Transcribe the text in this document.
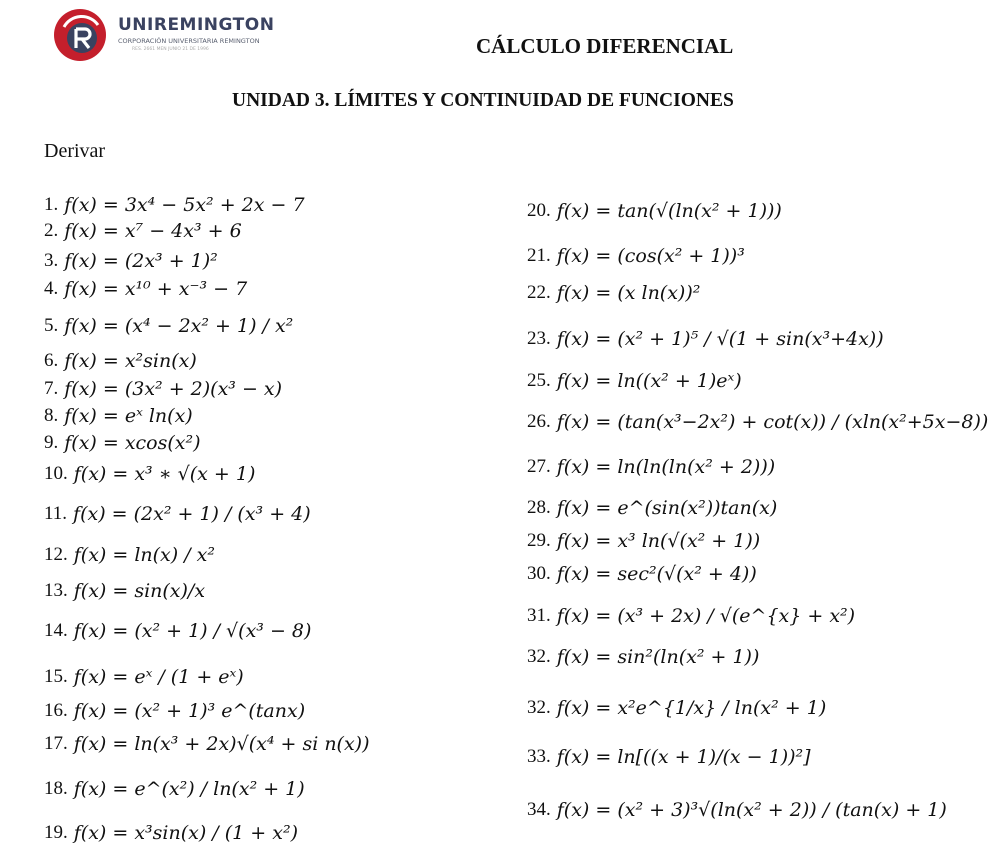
UNIREMINGTON
CORPORACIÓN UNIVERSITARIA REMINGTON
RES. 2661 MEN JUNIO 21 DE 1996	CÁLCULO DIFERENCIAL
UNIDAD 3. LÍMITES Y CONTINUIDAD DE FUNCIONES
Derivar
1. f(x) = 3x⁴ − 5x² + 2x − 7
2. f(x) = x⁷ − 4x³ + 6
3. f(x) = (2x³ + 1)²
4. f(x) = x¹⁰ + x⁻³ − 7
5. f(x) = (x⁴ − 2x² + 1) / x²
6. f(x) = x²sin(x)
7. f(x) = (3x² + 2)(x³ − x)
8. f(x) = eˣ ln(x)
9. f(x) = xcos(x²)
10. f(x) = x³ ∗ √(x + 1)
11. f(x) = (2x² + 1) / (x³ + 4)
12. f(x) = ln(x) / x²
13. f(x) = sin(x)/x
14. f(x) = (x² + 1) / √(x³ − 8)
15. f(x) = eˣ / (1 + eˣ)
16. f(x) = (x² + 1)³ e^(tanx)
17. f(x) = ln(x³ + 2x)√(x⁴ + si n(x))
18. f(x) = e^(x²) / ln(x² + 1)
19. f(x) = x³sin(x) / (1 + x²)
20. f(x) = tan(√(ln(x² + 1)))
21. f(x) = (cos(x² + 1))³
22. f(x) = (x ln(x))²
23. f(x) = (x² + 1)⁵ / √(1 + sin(x³+4x))
25. f(x) = ln((x² + 1)eˣ)
26. f(x) = (tan(x³−2x²) + cot(x)) / (xln(x²+5x−8))
27. f(x) = ln(ln(ln(x² + 2)))
28. f(x) = e^(sin(x²))tan(x)
29. f(x) = x³ ln(√(x² + 1))
30. f(x) = sec²(√(x² + 4))
31. f(x) = (x³ + 2x) / √(e^{x} + x²)
32. f(x) = sin²(ln(x² + 1))
32. f(x) = x²e^{1/x} / ln(x² + 1)
33. f(x) = ln[((x + 1)/(x − 1))²]
34. f(x) = (x² + 3)³√(ln(x² + 2)) / (tan(x) + 1)
